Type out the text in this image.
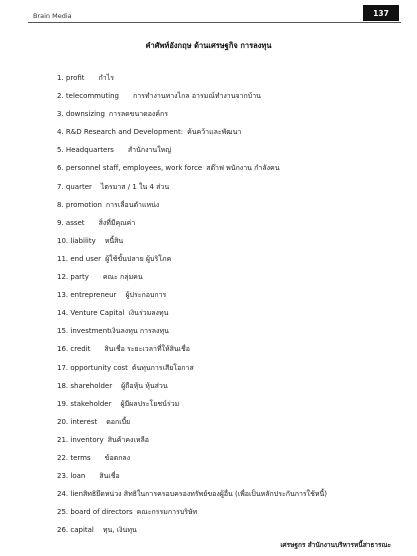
Brain Media	137
คำศัพท์อังกฤษ ด้านเศรษฐกิจ การลงทุน
1. profit กำไร
2. telecommuting การทำงานทางไกล อารมณ์ทำงานจากบ้าน
3. downsizing การลดขนาดองค์กร
4. R&D Research and Development: ค้นคว้าและพัฒนา
5. Headquarters สำนักงานใหญ่
6. personnel staff, employees, work force สต๊าฟ พนักงาน กำลังคน
7. quarter ไตรมาส / 1 ใน 4 ส่วน
8. promotion การเลื่อนตำแหน่ง
9. asset สิ่งที่มีคุณค่า
10. liability หนี้สิน
11. end user ผู้ใช้ขั้นปลาย ผู้บริโภค
12. party คณะ กลุ่มคน
13. entrepreneur ผู้ประกอบการ
14. Venture Capital เงินร่วมลงทุน
15. investmentเงินลงทุน การลงทุน
16. credit สินเชื่อ ระยะเวลาที่ให้สินเชื่อ
17. opportunity cost ต้นทุนการเสียโอกาส
18. shareholder ผู้ถือหุ้น หุ้นส่วน
19. stakeholder ผู้มีผลประโยชน์ร่วม
20. interest ดอกเบี้ย
21. inventory สินค้าคงเหลือ
22. terms ข้อตกลง
23. loan สินเชื่อ
24. lienสิทธิยึดหน่วง สิทธิในการครอบครองทรัพย์ของผู้อื่น (เพื่อเป็นหลักประกันการใช้หนี้)
25. board of directors คณะกรรมการบริษัท
26. capital ทุน, เงินทุน
เศรษฐกร สำนักงานบริหารหนี้สาธารณะ
